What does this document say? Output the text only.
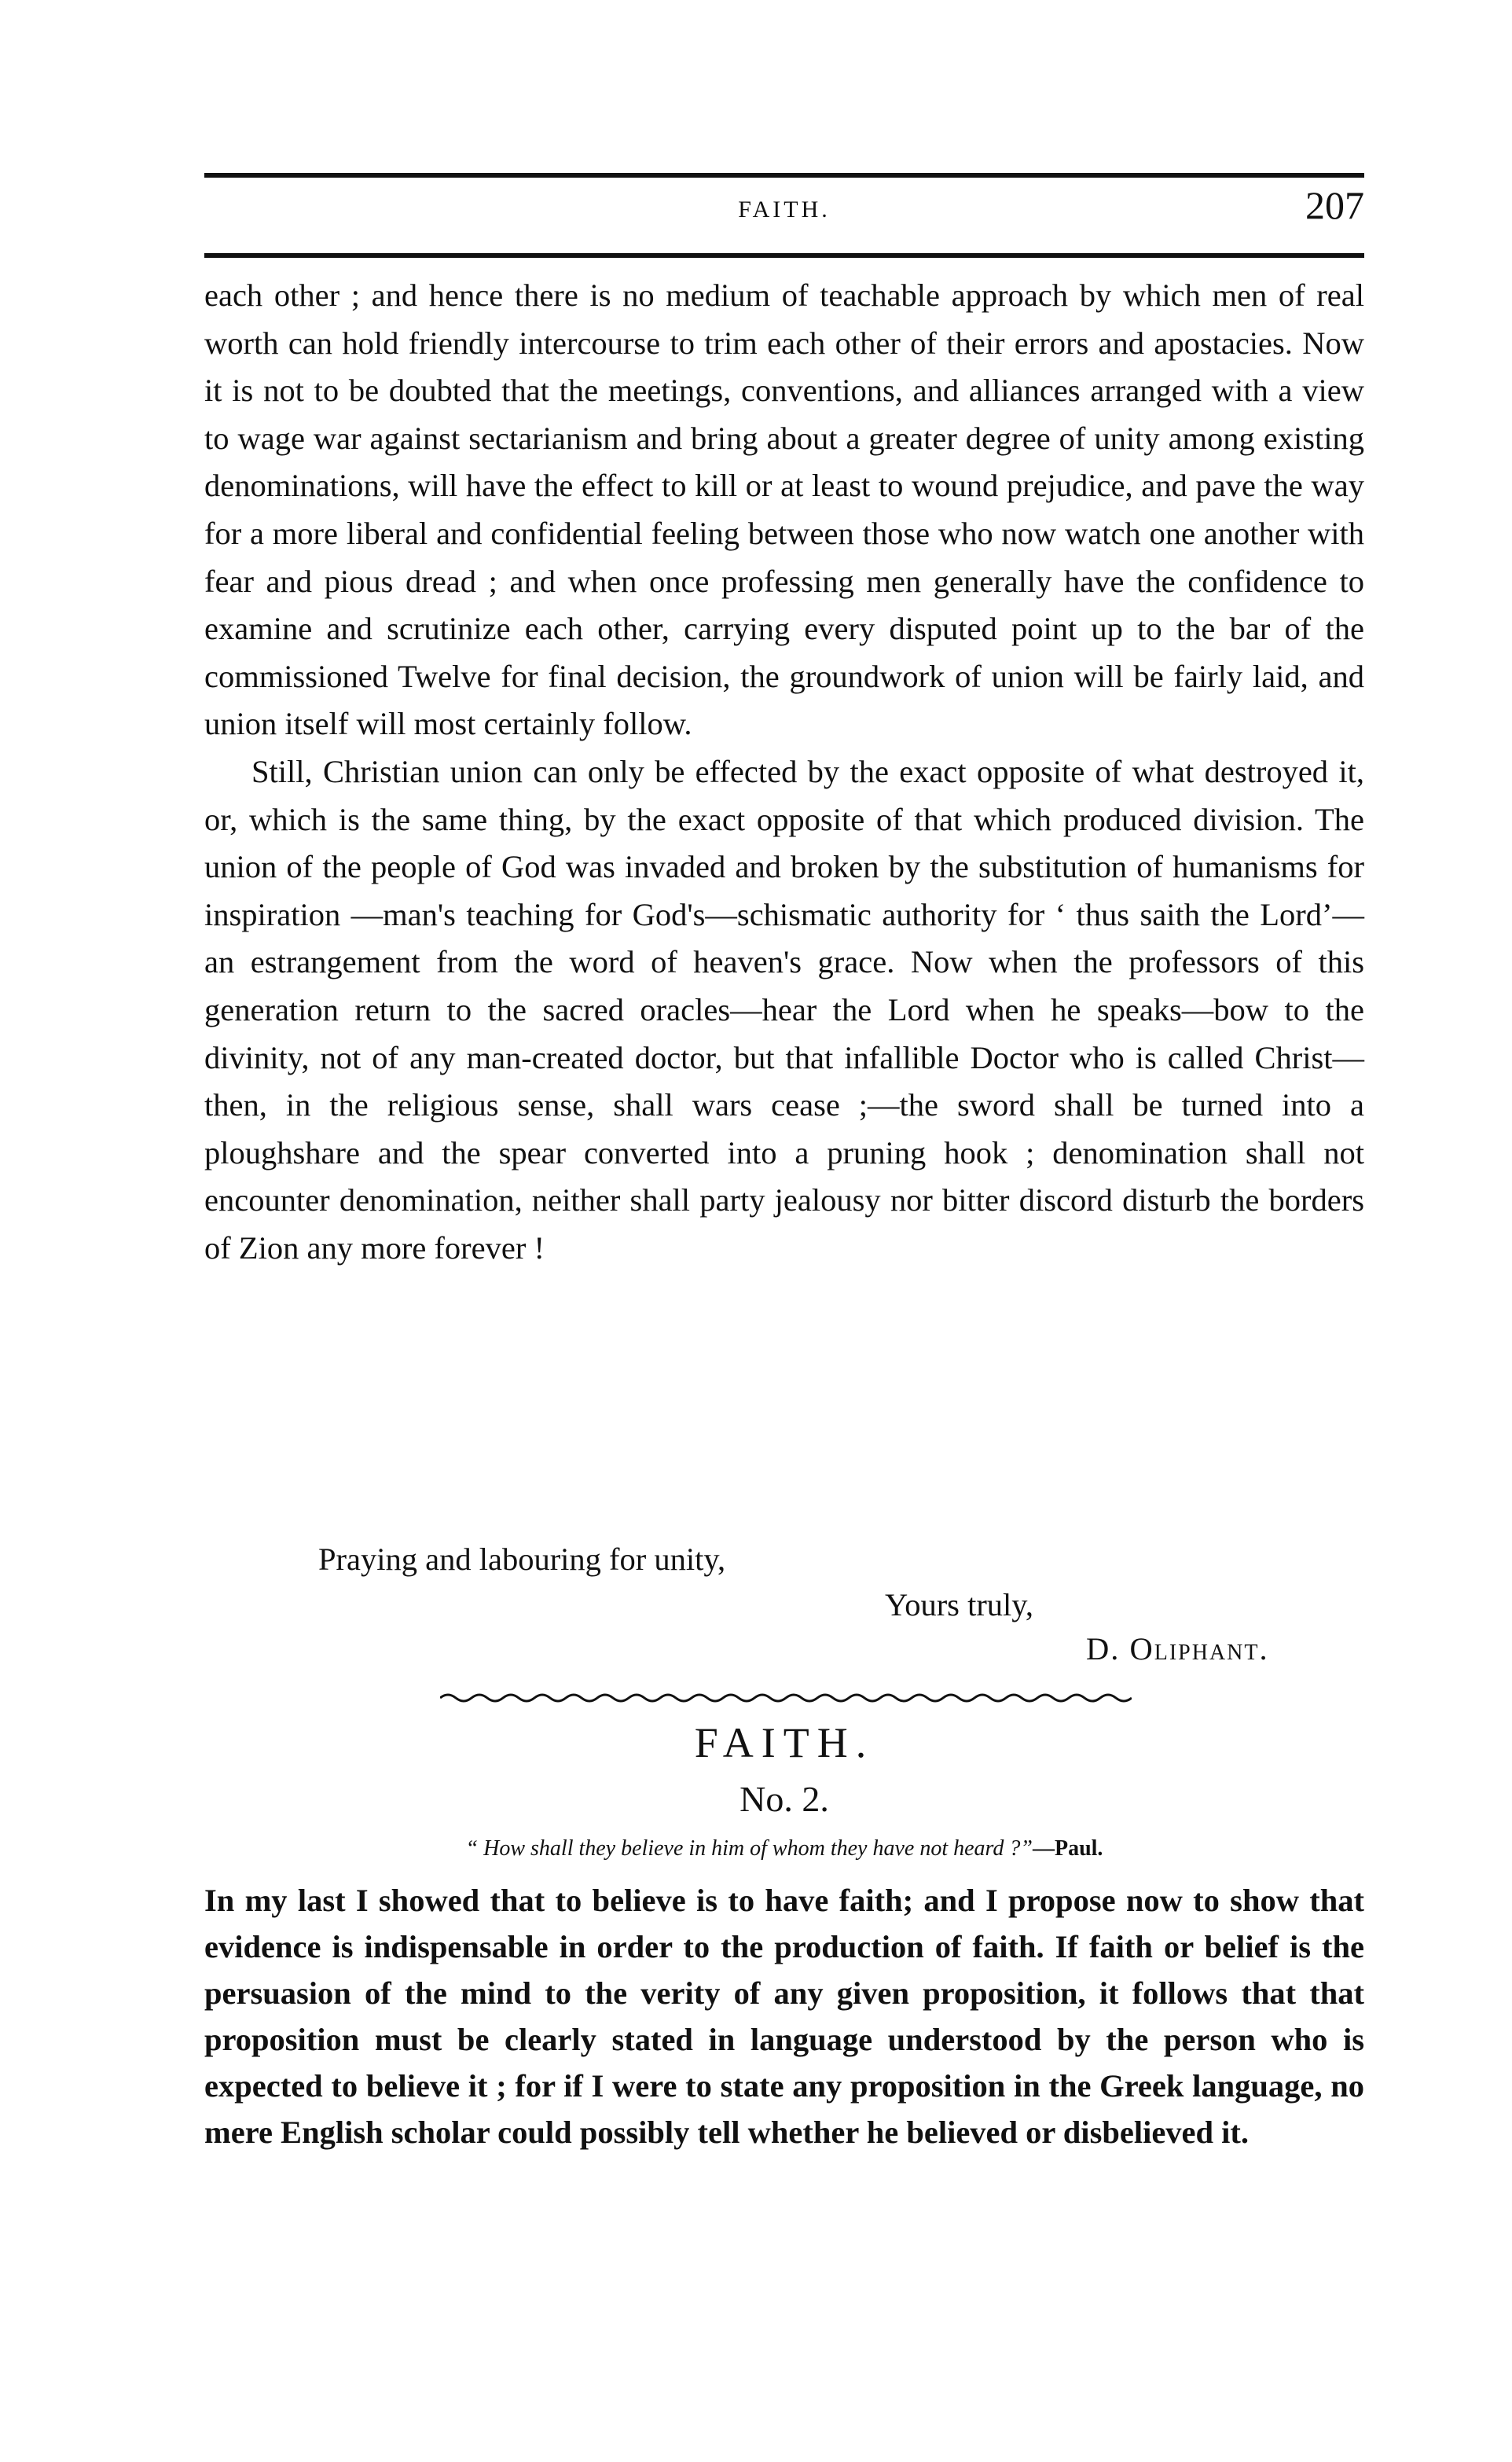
FAITH.	207

each other ; and hence there is no medium of teachable approach by which men of real worth can hold friendly intercourse to trim each other of their errors and apostacies. Now it is not to be doubted that the meetings, conventions, and alliances arranged with a view to wage war against sectarianism and bring about a greater degree of unity among existing denominations, will have the effect to kill or at least to wound prejudice, and pave the way for a more liberal and confidential feeling between those who now watch one another with fear and pious dread ; and when once professing men generally have the confidence to examine and scrutinize each other, carrying every disputed point up to the bar of the commissioned Twelve for final decision, the groundwork of union will be fairly laid, and union itself will most certainly follow.

Still, Christian union can only be effected by the exact opposite of what destroyed it, or, which is the same thing, by the exact opposite of that which produced division. The union of the people of God was invaded and broken by the substitution of humanisms for inspiration —man's teaching for God's—schismatic authority for ‘ thus saith the Lord’—an estrangement from the word of heaven's grace. Now when the professors of this generation return to the sacred oracles—hear the Lord when he speaks—bow to the divinity, not of any man-created doctor, but that infallible Doctor who is called Christ—then, in the religious sense, shall wars cease ;—the sword shall be turned into a ploughshare and the spear converted into a pruning hook ; denomination shall not encounter denomination, neither shall party jealousy nor bitter discord disturb the borders of Zion any more forever !

Praying and labouring for unity,
Yours truly,
D. Oliphant.
FAITH.
No. 2.
“ How shall they believe in him of whom they have not heard ?”—Paul.

In my last I showed that to believe is to have faith; and I propose now to show that evidence is indispensable in order to the production of faith. If faith or belief is the persuasion of the mind to the verity of any given proposition, it follows that that proposition must be clearly stated in language understood by the person who is expected to believe it ; for if I were to state any proposition in the Greek language, no mere English scholar could possibly tell whether he believed or disbelieved it.
